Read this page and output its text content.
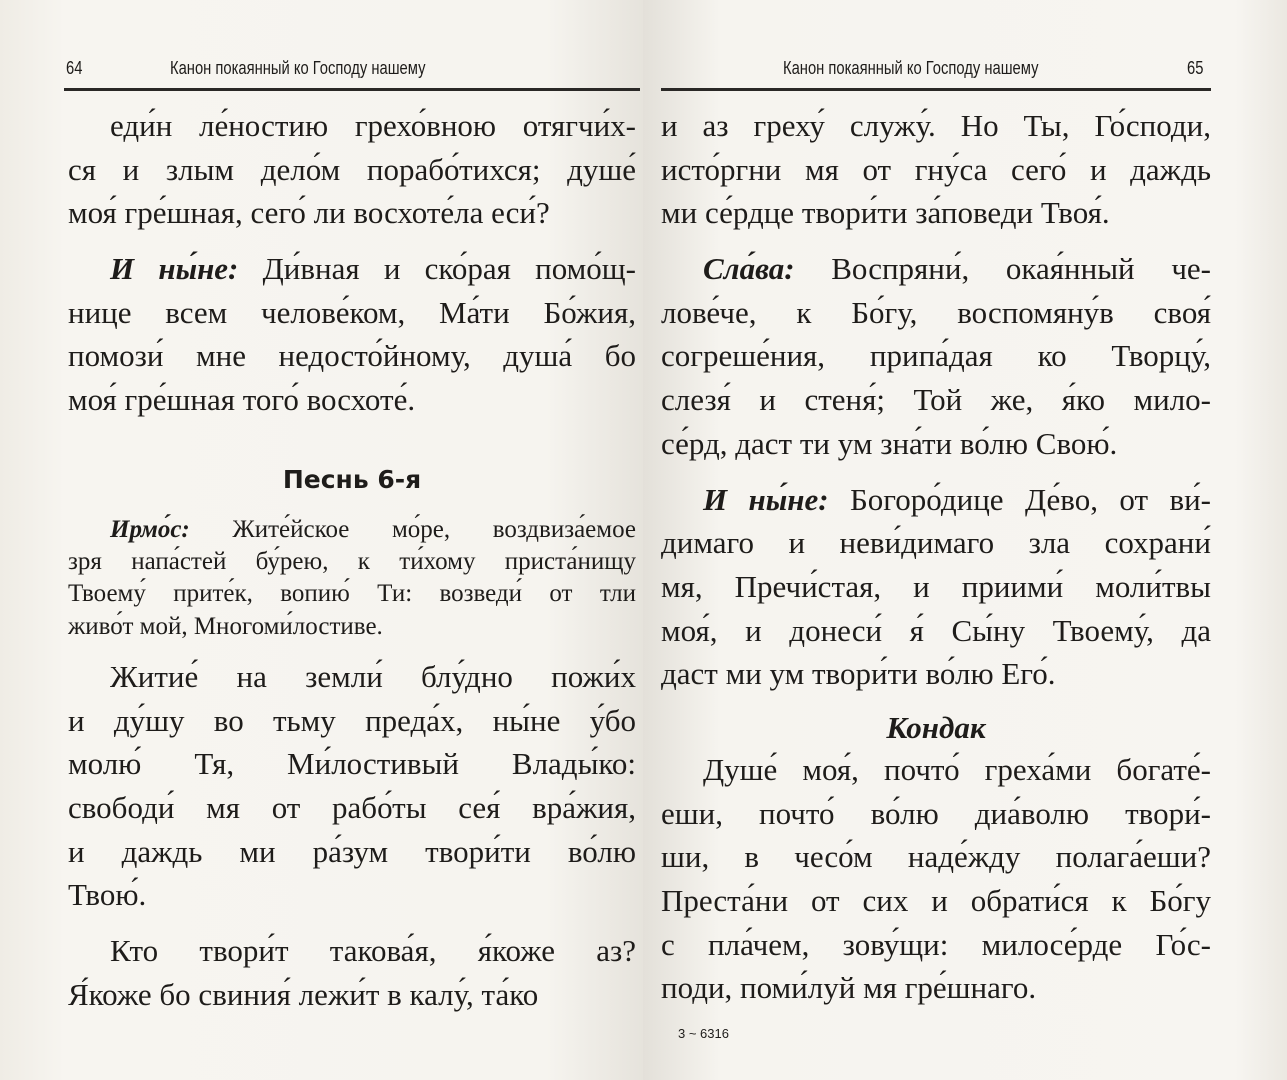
64	Канон покаянный ко Господу нашему
еди́н ле́ностию грехо́вною отягчи́х-
ся и злым дело́м порабо́тихся; душе́
моя́ гре́шная, сего́ ли восхоте́ла еси́?
И ны́не: Ди́вная и ско́рая помо́щ-
нице всем челове́ком, Ма́ти Бо́жия,
помози́ мне недосто́йному, душа́ бо
моя́ гре́шная того́ восхоте́.
Песнь 6-я
Ирмо́с: Жите́йское мо́ре, воздвиза́емое
зря напа́стей бу́рею, к ти́хому приста́нищу
Твоему́ прите́к, вопию́ Ти: возведи́ от тли
живо́т мой, Многоми́лостиве.
Житие́ на земли́ блу́дно пожи́х
и ду́шу во тьму преда́х, ны́не у́бо
молю́ Тя, Ми́лостивый Влады́ко:
свободи́ мя от рабо́ты сея́ вра́жия,
и даждь ми ра́зум твори́ти во́лю
Твою́.
Кто твори́т такова́я, я́коже аз?
Я́коже бо свиния́ лежи́т в калу́, та́ко
Канон покаянный ко Господу нашему	65
и аз греху́ служу́. Но Ты, Го́споди,
исто́ргни мя от гну́са сего́ и даждь
ми се́рдце твори́ти за́поведи Твоя́.
Сла́ва: Воспряни́, окая́нный че-
лове́че, к Бо́гу, воспомяну́в своя́
согреше́ния, припа́дая ко Творцу́,
слезя́ и стеня́; Той же, я́ко мило-
се́рд, даст ти ум зна́ти во́лю Свою́.
И ны́не: Богоро́дице Де́во, от ви́-
димаго и неви́димаго зла сохрани́
мя, Пречи́стая, и приими́ моли́твы
моя́, и донеси́ я́ Сы́ну Твоему́, да
даст ми ум твори́ти во́лю Его́.
Кондак
Душе́ моя́, почто́ греха́ми богате́-
еши, почто́ во́лю диа́волю твори́-
ши, в чесо́м наде́жду полага́еши?
Преста́ни от сих и обрати́ся к Бо́гу
с пла́чем, зову́щи: милосе́рде Го́с-
поди, поми́луй мя гре́шнаго.
3 ~ 6316
